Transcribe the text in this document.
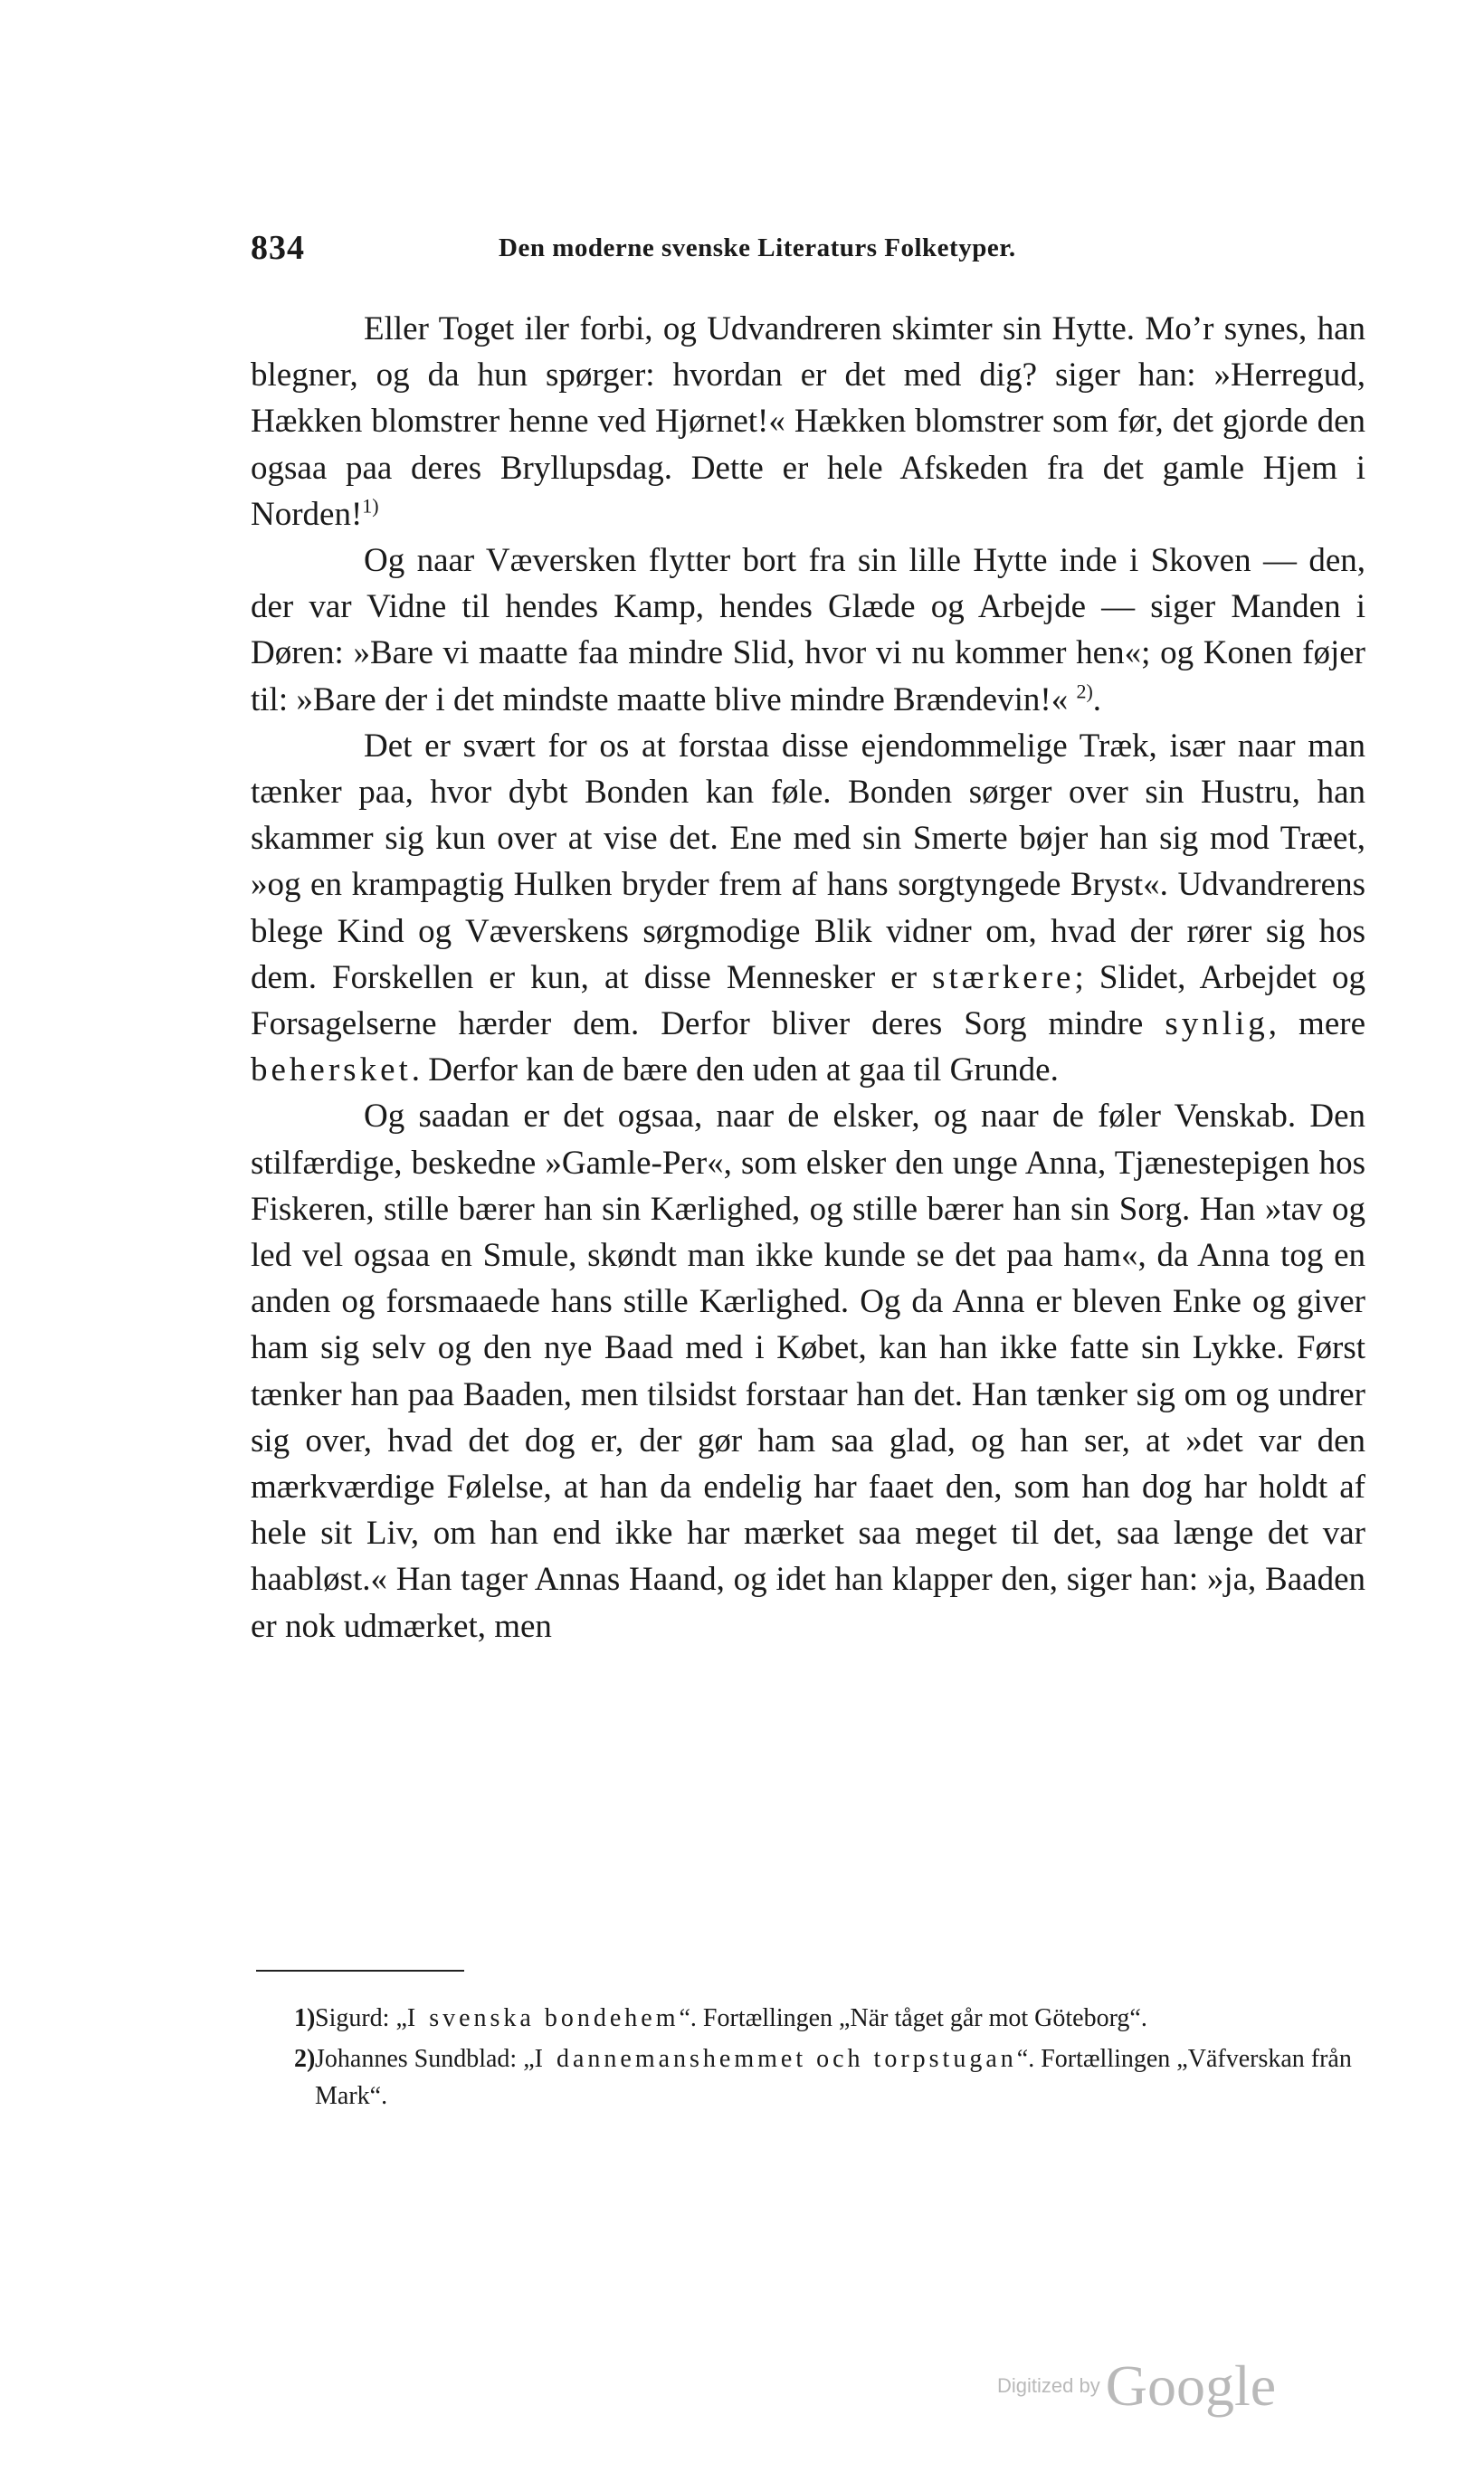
834	Den moderne svenske Literaturs Folketyper.

Eller Toget iler forbi, og Udvandreren skimter sin Hytte. Mo’r synes, han blegner, og da hun spørger: hvordan er det med dig? siger han: »Herregud, Hækken blomstrer henne ved Hjørnet!« Hækken blomstrer som før, det gjorde den ogsaa paa deres Bryllupsdag. Dette er hele Afskeden fra det gamle Hjem i Norden!$^{1)}$

Og naar Væversken flytter bort fra sin lille Hytte inde i Skoven — den, der var Vidne til hendes Kamp, hendes Glæde og Arbejde — siger Manden i Døren: »Bare vi maatte faa mindre Slid, hvor vi nu kommer hen«; og Konen føjer til: »Bare der i det mindste maatte blive mindre Brændevin!« $^{2)}$.

Det er svært for os at forstaa disse ejendommelige Træk, især naar man tænker paa, hvor dybt Bonden kan føle. Bonden sørger over sin Hustru, han skammer sig kun over at vise det. Ene med sin Smerte bøjer han sig mod Træet, »og en krampagtig Hulken bryder frem af hans sorgtyngede Bryst«. Udvandrerens blege Kind og Væverskens sørgmodige Blik vidner om, hvad der rører sig hos dem. Forskellen er kun, at disse Mennesker er stærkere; Slidet, Arbejdet og Forsagelserne hærder dem. Derfor bliver deres Sorg mindre synlig, mere behersket. Derfor kan de bære den uden at gaa til Grunde.

Og saadan er det ogsaa, naar de elsker, og naar de føler Venskab. Den stilfærdige, beskedne »Gamle-Per«, som elsker den unge Anna, Tjænestepigen hos Fiskeren, stille bærer han sin Kærlighed, og stille bærer han sin Sorg. Han »tav og led vel ogsaa en Smule, skøndt man ikke kunde se det paa ham«, da Anna tog en anden og forsmaaede hans stille Kærlighed. Og da Anna er bleven Enke og giver ham sig selv og den nye Baad med i Købet, kan han ikke fatte sin Lykke. Først tænker han paa Baaden, men tilsidst forstaar han det. Han tænker sig om og undrer sig over, hvad det dog er, der gør ham saa glad, og han ser, at »det var den mærkværdige Følelse, at han da endelig har faaet den, som han dog har holdt af hele sit Liv, om han end ikke har mærket saa meget til det, saa længe det var haabløst.« Han tager Annas Haand, og idet han klapper den, siger han: »ja, Baaden er nok udmærket, men

1) Sigurd: „I svenska bondehem“. Fortællingen „När tåget går mot Göteborg“.
2) Johannes Sundblad: „I dannemanshemmet och torpstugan“. Fortællingen „Väfverskan från Mark“.
Digitized byGoogle
